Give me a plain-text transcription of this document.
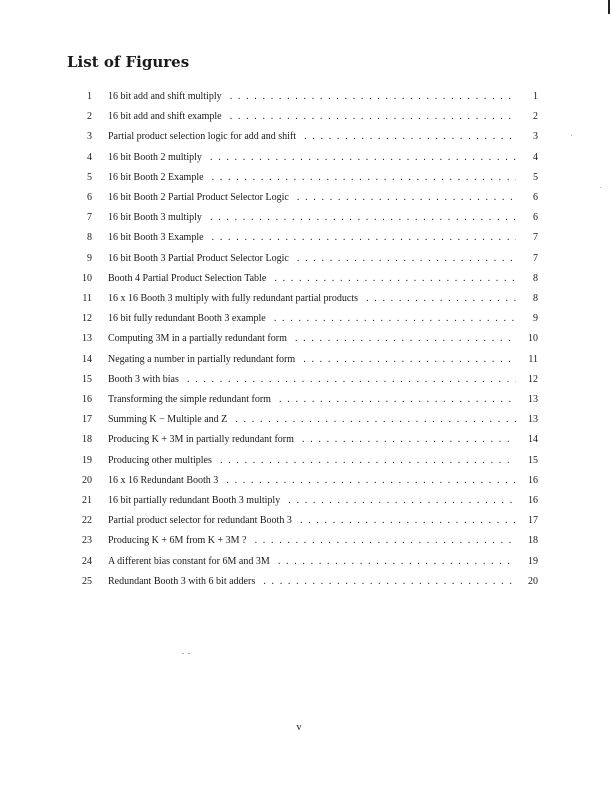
List of Figures
1 16 bit add and shift multiply . . .	1
2 16 bit add and shift example . . .	2
3 Partial product selection logic for add and shift . . .	3
4 16 bit Booth 2 multiply . . .	4
5 16 bit Booth 2 Example . . .	5
6 16 bit Booth 2 Partial Product Selector Logic . . .	6
7 16 bit Booth 3 multiply . . .	6
8 16 bit Booth 3 Example . . .	7
9 16 bit Booth 3 Partial Product Selector Logic . . .	7
10 Booth 4 Partial Product Selection Table . . .	8
11 16 x 16 Booth 3 multiply with fully redundant partial products . . .	8
12 16 bit fully redundant Booth 3 example . . .	9
13 Computing 3M in a partially redundant form . . .	10
14 Negating a number in partially redundant form . . .	11
15 Booth 3 with bias . . .	12
16 Transforming the simple redundant form . . .	13
17 Summing K − Multiple and Z . . .	13
18 Producing K + 3M in partially redundant form . . .	14
19 Producing other multiples . . .	15
20 16 x 16 Redundant Booth 3 . . .	16
21 16 bit partially redundant Booth 3 multiply . . .	16
22 Partial product selector for redundant Booth 3 . . .	17
23 Producing K + 6M from K + 3M ? . . .	18
24 A different bias constant for 6M and 3M . . .	19
25 Redundant Booth 3 with 6 bit adders . . .	20
v
